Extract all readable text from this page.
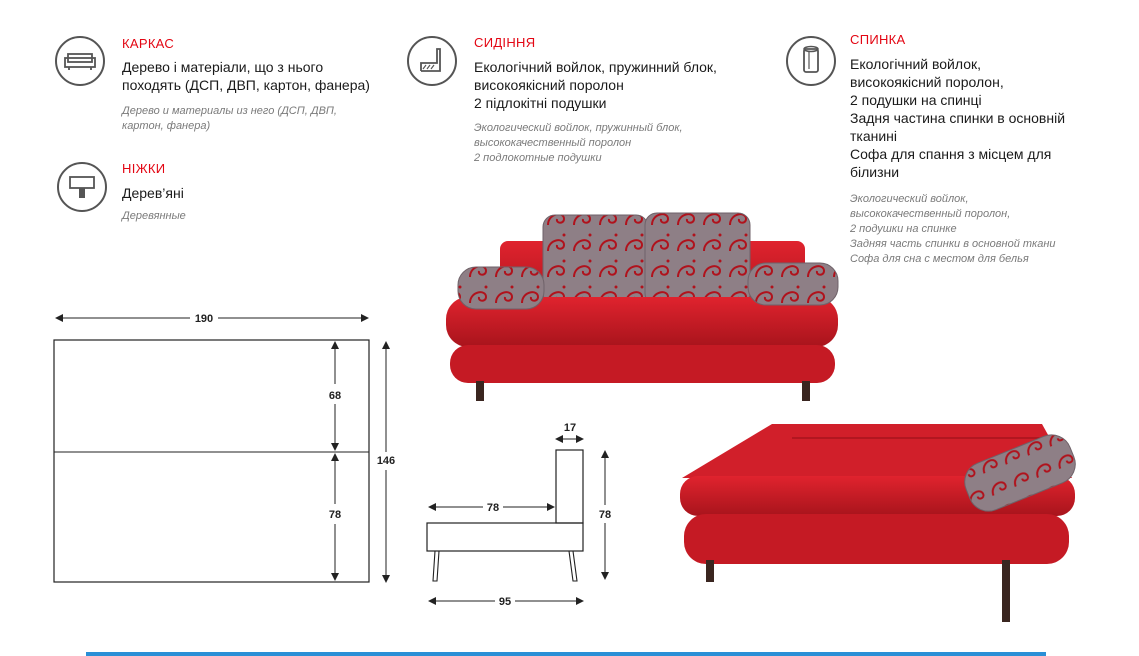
КАРКАС
Дерево і матеріали, що з нього
походять (ДСП, ДВП, картон, фанера)
Дерево и материалы из него (ДСП, ДВП,
картон, фанера)
НІЖКИ
Дерев’яні
Деревянные
СИДІННЯ
Екологічний войлок, пружинний блок,
високоякісний поролон
2 підлокітні подушки
Экологический войлок, пружинный блок,
высококачественный поролон
2 подлокотные подушки
СПИНКА
Екологічний войлок,
високоякісний поролон,
2 подушки на спинці
Задня частина спинки в основній
тканині
Софа для спання з місцем для
білизни
Экологический войлок,
высококачественный поролон,
2 подушки на спинке
Задняя часть спинки в основной ткани
Софа для сна с местом для белья
190
68
78
146
17
78
78
95
